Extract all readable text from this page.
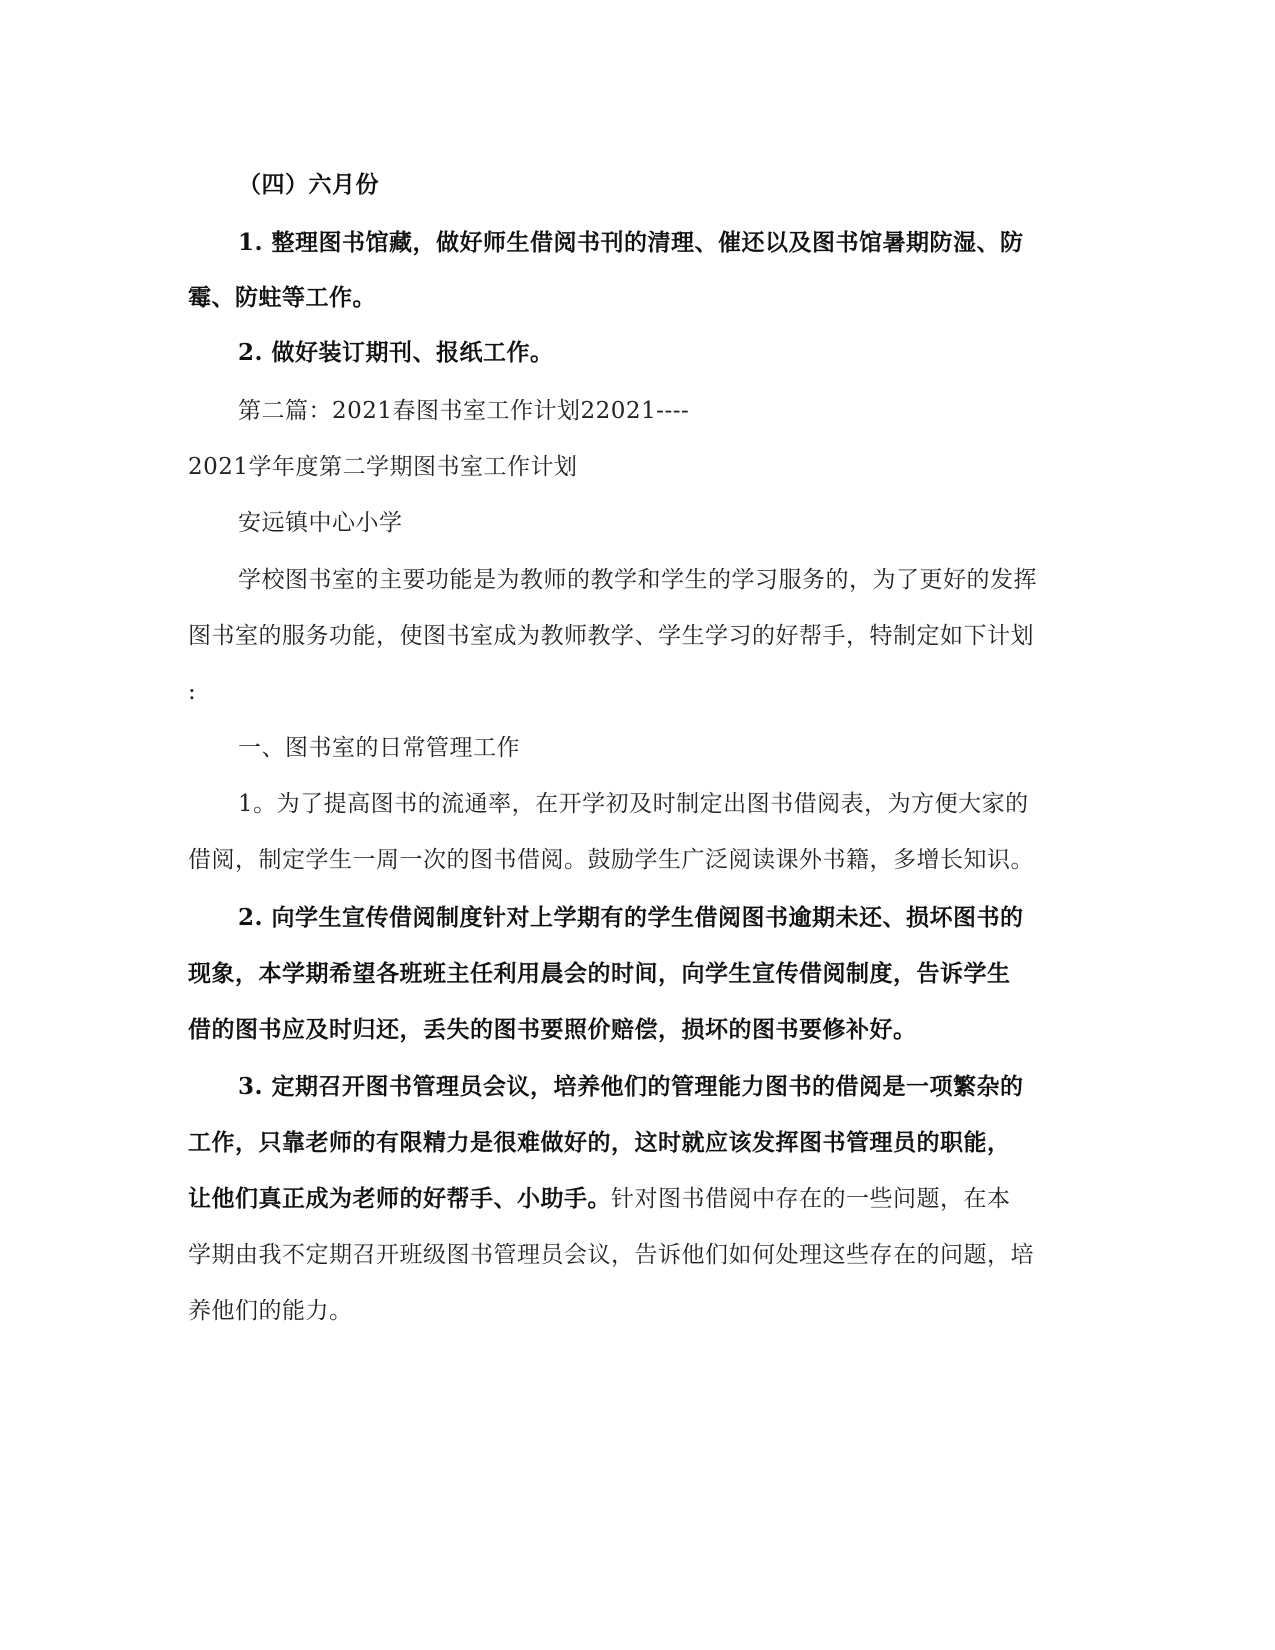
（四）六月份
1. 整理图书馆藏，做好师生借阅书刊的清理、催还以及图书馆暑期防湿、防
霉、防蛀等工作。
2. 做好装订期刊、报纸工作。
第二篇：2021春图书室工作计划22021----
2021学年度第二学期图书室工作计划
安远镇中心小学
学校图书室的主要功能是为教师的教学和学生的学习服务的，为了更好的发挥
图书室的服务功能，使图书室成为教师教学、学生学习的好帮手，特制定如下计划
:
一、图书室的日常管理工作
1。为了提高图书的流通率，在开学初及时制定出图书借阅表，为方便大家的
借阅，制定学生一周一次的图书借阅。鼓励学生广泛阅读课外书籍，多增长知识。
2. 向学生宣传借阅制度针对上学期有的学生借阅图书逾期未还、损坏图书的
现象，本学期希望各班班主任利用晨会的时间，向学生宣传借阅制度，告诉学生
借的图书应及时归还，丢失的图书要照价赔偿，损坏的图书要修补好。
3. 定期召开图书管理员会议，培养他们的管理能力图书的借阅是一项繁杂的
工作，只靠老师的有限精力是很难做好的，这时就应该发挥图书管理员的职能，
让他们真正成为老师的好帮手、小助手。针对图书借阅中存在的一些问题，在本
学期由我不定期召开班级图书管理员会议，告诉他们如何处理这些存在的问题，培
养他们的能力。
